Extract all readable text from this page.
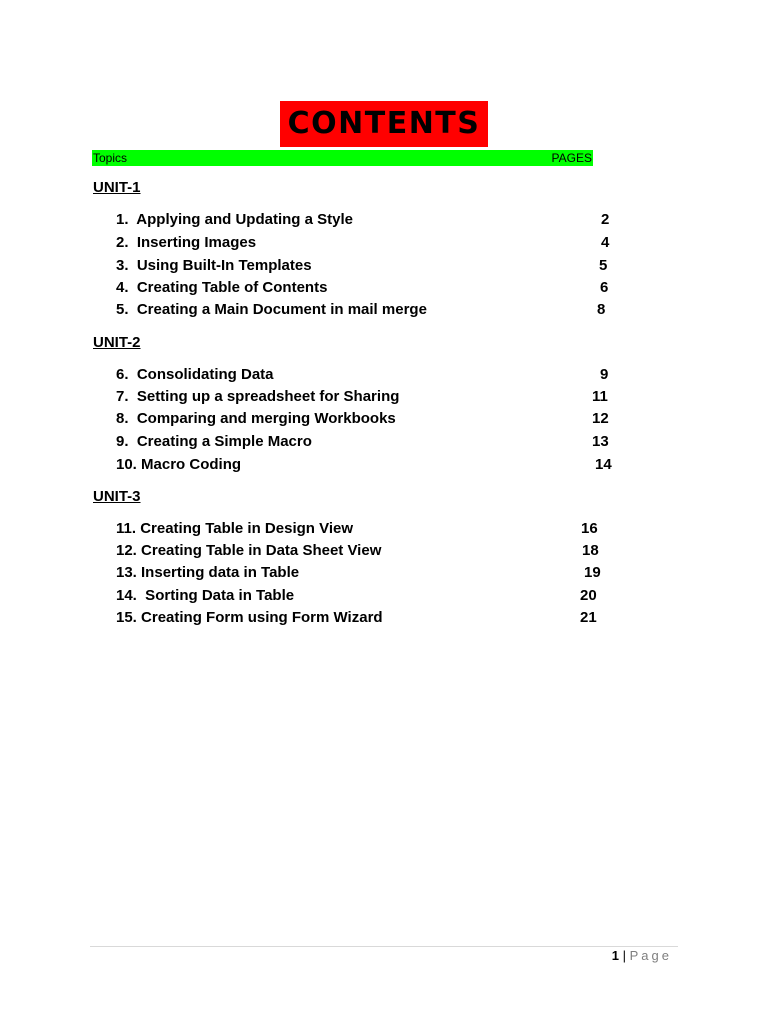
CONTENTS
Topics	PAGES
UNIT-1
1.  Applying and Updating a Style	2
2.  Inserting Images	4
3.  Using Built-In Templates	5
4.  Creating Table of Contents	6
5.  Creating a Main Document in mail merge	8
UNIT-2
6.  Consolidating Data	9
7.  Setting up a spreadsheet for Sharing	11
8.  Comparing and merging Workbooks	12
9.  Creating a Simple Macro	13
10. Macro Coding	14
UNIT-3
11. Creating Table in Design View	16
12. Creating Table in Data Sheet View	18
13. Inserting data in Table	19
14.  Sorting Data in Table	20
15. Creating Form using Form Wizard	21
1 | Page
